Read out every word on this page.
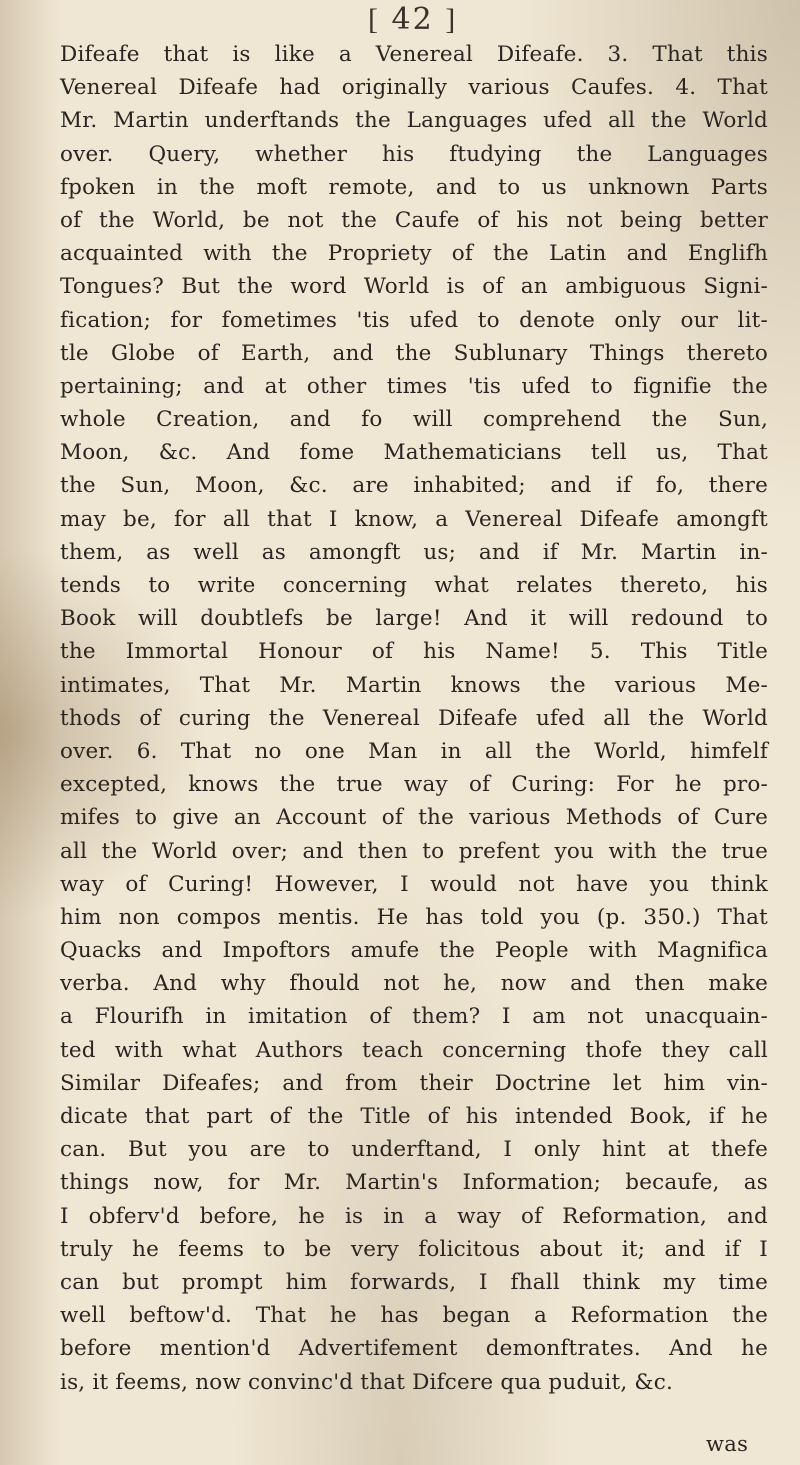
[ 42 ]
Difeafe that is like a Venereal Difeafe. 3. That this
Venereal Difeafe had originally various Caufes. 4. That
Mr. Martin underftands the Languages ufed all the World
over. Query, whether his ftudying the Languages
fpoken in the moft remote, and to us unknown Parts
of the World, be not the Caufe of his not being better
acquainted with the Propriety of the Latin and Englifh
Tongues? But the word World is of an ambiguous Signi-
fication; for fometimes 'tis ufed to denote only our lit-
tle Globe of Earth, and the Sublunary Things thereto
pertaining; and at other times 'tis ufed to fignifie the
whole Creation, and fo will comprehend the Sun,
Moon, &c. And fome Mathematicians tell us, That
the Sun, Moon, &c. are inhabited; and if fo, there
may be, for all that I know, a Venereal Difeafe amongft
them, as well as amongft us; and if Mr. Martin in-
tends to write concerning what relates thereto, his
Book will doubtlefs be large! And it will redound to
the Immortal Honour of his Name! 5. This Title
intimates, That Mr. Martin knows the various Me-
thods of curing the Venereal Difeafe ufed all the World
over. 6. That no one Man in all the World, himfelf
excepted, knows the true way of Curing: For he pro-
mifes to give an Account of the various Methods of Cure
all the World over; and then to prefent you with the true
way of Curing! However, I would not have you think
him non compos mentis. He has told you (p. 350.) That
Quacks and Impoftors amufe the People with Magnifica
verba. And why fhould not he, now and then make
a Flourifh in imitation of them? I am not unacquain-
ted with what Authors teach concerning thofe they call
Similar Difeafes; and from their Doctrine let him vin-
dicate that part of the Title of his intended Book, if he
can. But you are to underftand, I only hint at thefe
things now, for Mr. Martin's Information; becaufe, as
I obferv'd before, he is in a way of Reformation, and
truly he feems to be very folicitous about it; and if I
can but prompt him forwards, I fhall think my time
well beftow'd. That he has began a Reformation the
before mention'd Advertifement demonftrates. And he
is, it feems, now convinc'd that Difcere qua puduit, &c.
was
